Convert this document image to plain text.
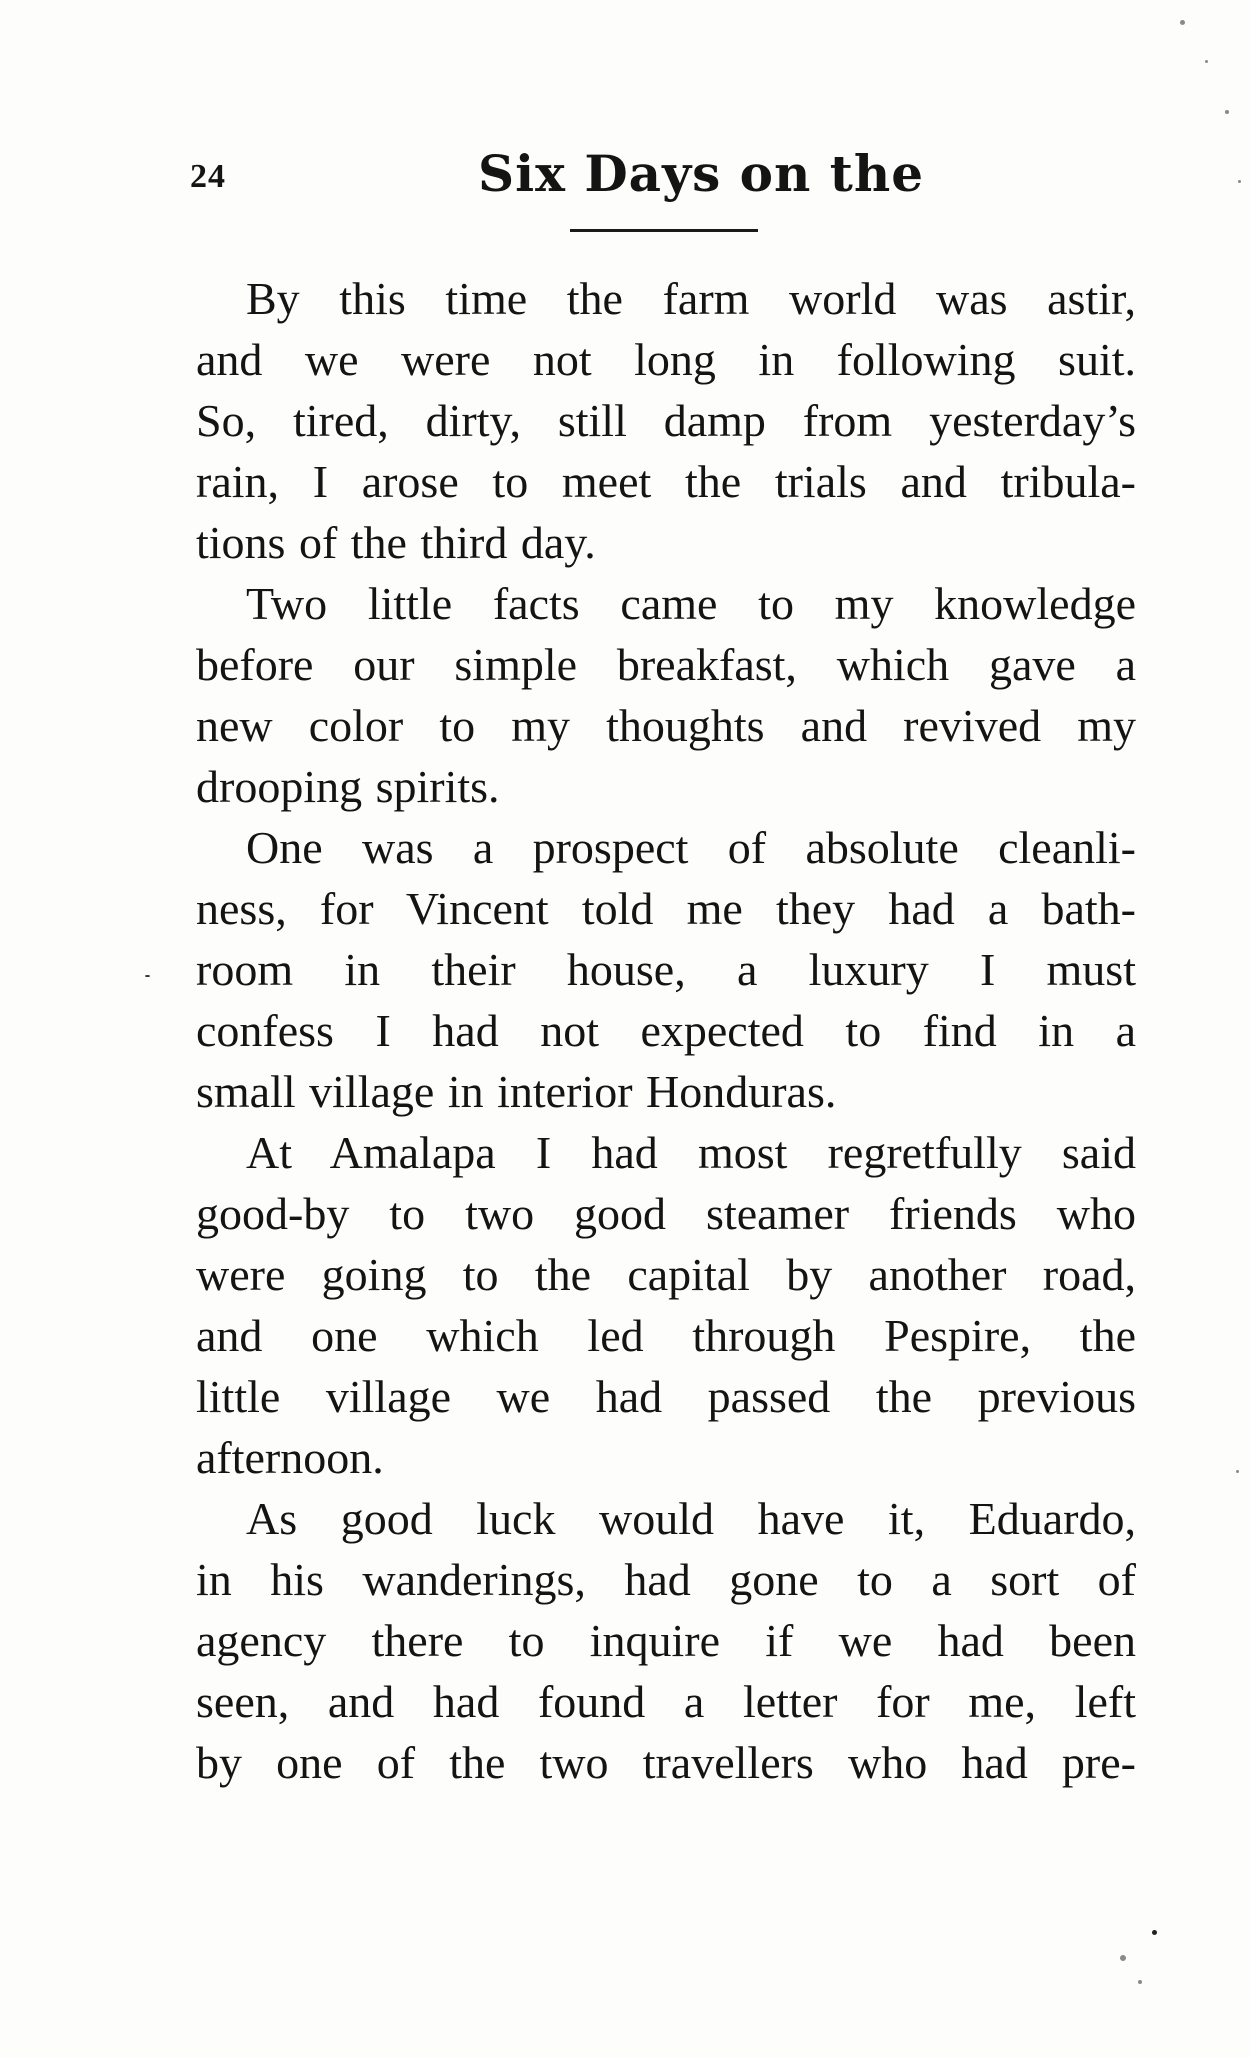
24	Six Days on the
By this time the farm world was astir,
and we were not long in following suit.
So, tired, dirty, still damp from yesterday’s
rain, I arose to meet the trials and tribula-
tions of the third day.
Two little facts came to my knowledge
before our simple breakfast, which gave a
new color to my thoughts and revived my
drooping spirits.
One was a prospect of absolute cleanli-
ness, for Vincent told me they had a bath-
room in their house, a luxury I must
confess I had not expected to find in a
small village in interior Honduras.
At Amalapa I had most regretfully said
good-by to two good steamer friends who
were going to the capital by another road,
and one which led through Pespire, the
little village we had passed the previous
afternoon.
As good luck would have it, Eduardo,
in his wanderings, had gone to a sort of
agency there to inquire if we had been
seen, and had found a letter for me, left
by one of the two travellers who had pre-
